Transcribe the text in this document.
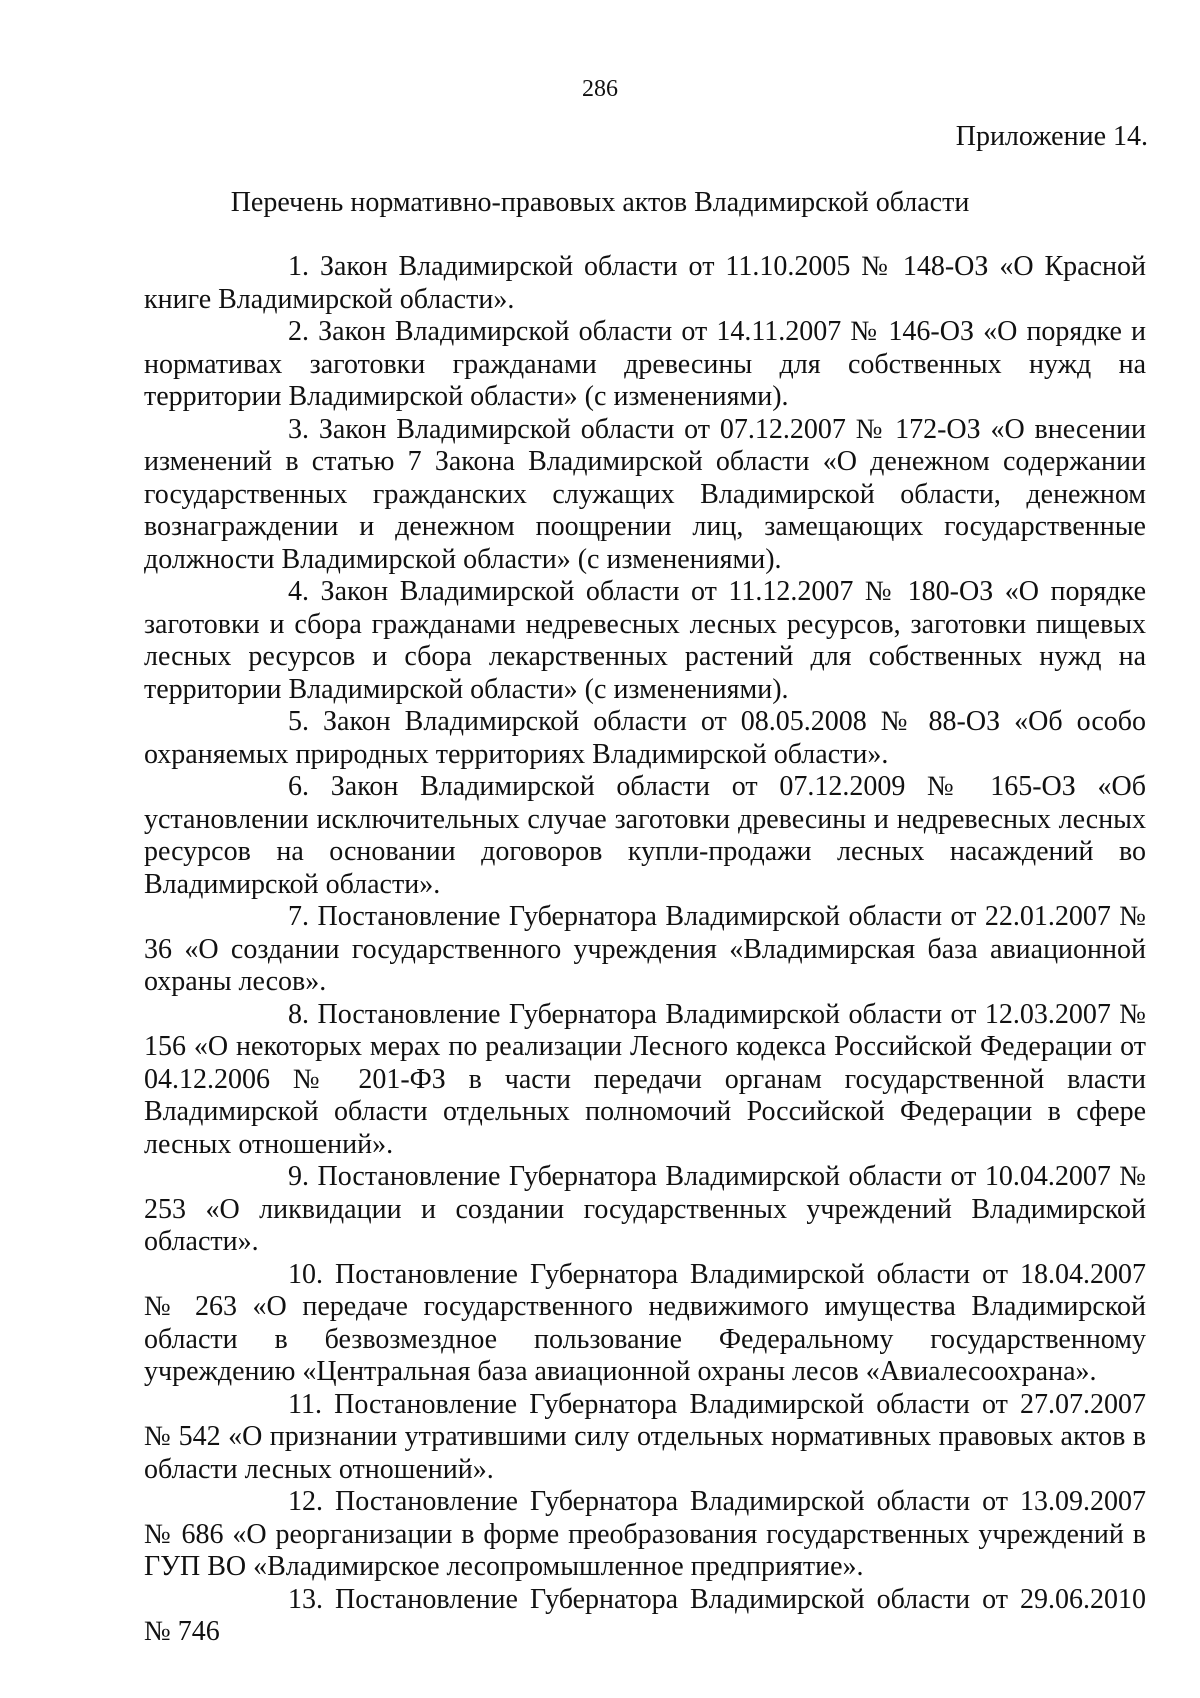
286
Приложение 14.
Перечень нормативно-правовых актов Владимирской области
1. Закон Владимирской области от 11.10.2005 № 148-ОЗ «О Красной книге Владимирской области».
2. Закон Владимирской области от 14.11.2007 № 146-ОЗ «О порядке и нормативах заготовки гражданами древесины для собственных нужд на территории Владимирской области» (с изменениями).
3. Закон Владимирской области от 07.12.2007 № 172-ОЗ «О внесении изменений в статью 7 Закона Владимирской области «О денежном содержании государственных гражданских служащих Владимирской области, денежном вознаграждении и денежном поощрении лиц, замещающих государственные должности Владимирской области» (с изменениями).
4. Закон Владимирской области от 11.12.2007 № 180-ОЗ «О порядке заготовки и сбора гражданами недревесных лесных ресурсов, заготовки пищевых лесных ресурсов и сбора лекарственных растений для собственных нужд на территории Владимирской области» (с изменениями).
5. Закон Владимирской области от 08.05.2008 № 88-ОЗ «Об особо охраняемых природных территориях Владимирской области».
6. Закон Владимирской области от 07.12.2009 № 165-ОЗ «Об установлении исключительных случае заготовки древесины и недревесных лесных ресурсов на основании договоров купли-продажи лесных насаждений во Владимирской области».
7. Постановление Губернатора Владимирской области от 22.01.2007 № 36 «О создании государственного учреждения «Владимирская база авиационной охраны лесов».
8. Постановление Губернатора Владимирской области от 12.03.2007 № 156 «О некоторых мерах по реализации Лесного кодекса Российской Федерации от 04.12.2006 № 201-ФЗ в части передачи органам государственной власти Владимирской области отдельных полномочий Российской Федерации в сфере лесных отношений».
9. Постановление Губернатора Владимирской области от 10.04.2007 № 253 «О ликвидации и создании государственных учреждений Владимирской области».
10. Постановление Губернатора Владимирской области от 18.04.2007 № 263 «О передаче государственного недвижимого имущества Владимирской области в безвозмездное пользование Федеральному государственному учреждению «Центральная база авиационной охраны лесов «Авиалесоохрана».
11. Постановление Губернатора Владимирской области от 27.07.2007 № 542 «О признании утратившими силу отдельных нормативных правовых актов в области лесных отношений».
12. Постановление Губернатора Владимирской области от 13.09.2007 № 686 «О реорганизации в форме преобразования государственных учреждений в ГУП ВО «Владимирское лесопромышленное предприятие».
13. Постановление Губернатора Владимирской области от 29.06.2010 № 746
